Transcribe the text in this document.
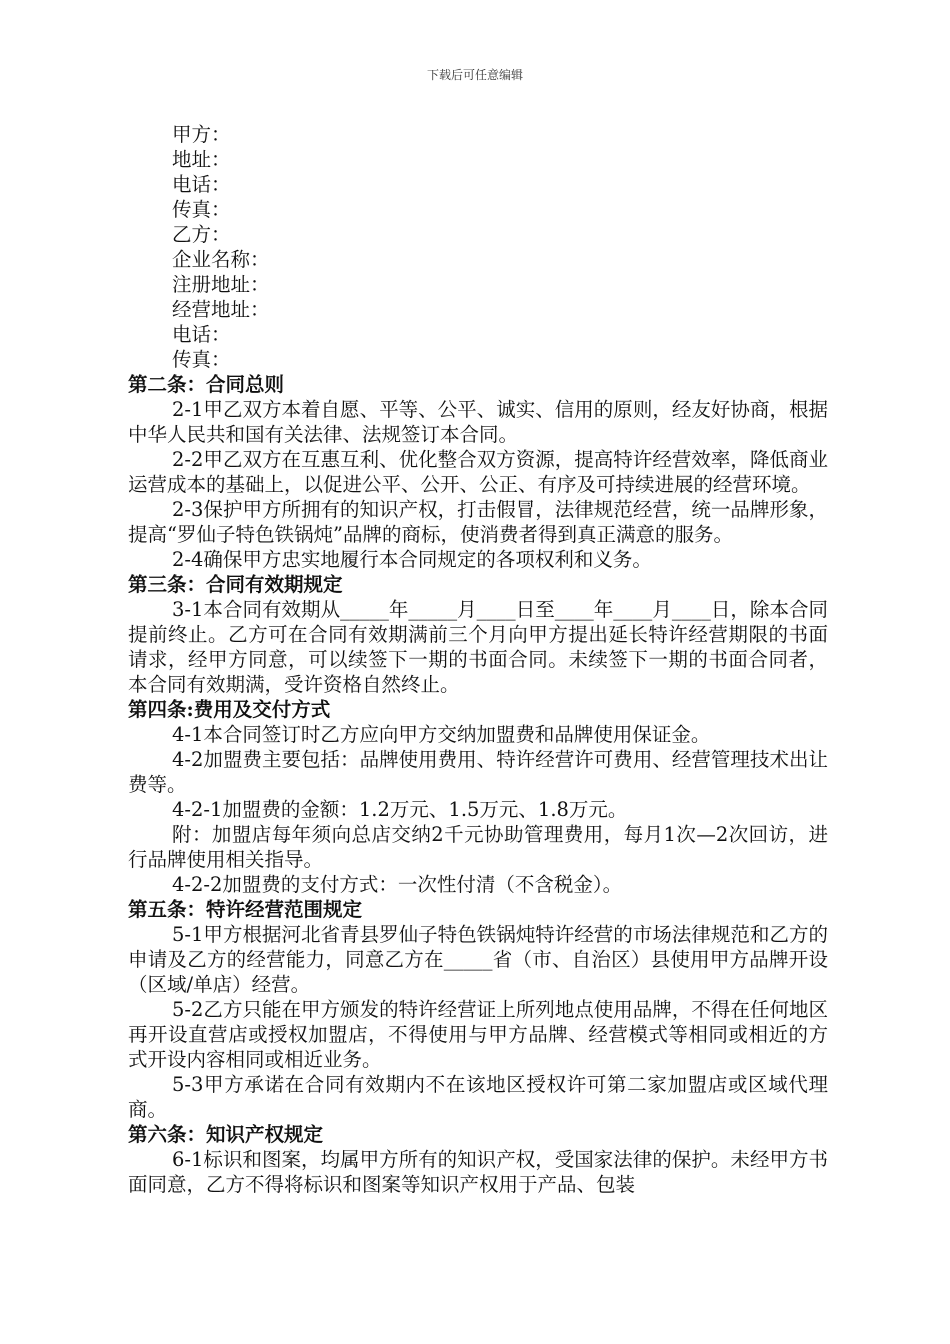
下载后可任意编辑
甲方：
地址：
电话：
传真：
乙方：
企业名称：
注册地址：
经营地址：
电话：
传真：
第二条：合同总则
2-1甲乙双方本着自愿、平等、公平、诚实、信用的原则，经友好协商，根据中华人民共和国有关法律、法规签订本合同。
2-2甲乙双方在互惠互利、优化整合双方资源，提高特许经营效率，降低商业运营成本的基础上，以促进公平、公开、公正、有序及可持续进展的经营环境。
2-3保护甲方所拥有的知识产权，打击假冒，法律规范经营，统一品牌形象，提高“罗仙子特色铁锅炖”品牌的商标，使消费者得到真正满意的服务。
2-4确保甲方忠实地履行本合同规定的各项权利和义务。
第三条：合同有效期规定
3-1本合同有效期从_____年_____月____日至____年____月____日，除本合同提前终止。乙方可在合同有效期满前三个月向甲方提出延长特许经营期限的书面请求，经甲方同意，可以续签下一期的书面合同。未续签下一期的书面合同者，本合同有效期满，受许资格自然终止。
第四条:费用及交付方式
4-1本合同签订时乙方应向甲方交纳加盟费和品牌使用保证金。
4-2加盟费主要包括：品牌使用费用、特许经营许可费用、经营管理技术出让费等。
4-2-1加盟费的金额：1.2万元、1.5万元、1.8万元。
附：加盟店每年须向总店交纳2千元协助管理费用，每月1次—2次回访，进行品牌使用相关指导。
4-2-2加盟费的支付方式：一次性付清（不含税金）。
第五条：特许经营范围规定
5-1甲方根据河北省青县罗仙子特色铁锅炖特许经营的市场法律规范和乙方的申请及乙方的经营能力，同意乙方在_____省（市、自治区）县使用甲方品牌开设（区域/单店）经营。
5-2乙方只能在甲方颁发的特许经营证上所列地点使用品牌，不得在任何地区再开设直营店或授权加盟店，不得使用与甲方品牌、经营模式等相同或相近的方式开设内容相同或相近业务。
5-3甲方承诺在合同有效期内不在该地区授权许可第二家加盟店或区域代理商。
第六条：知识产权规定
6-1标识和图案，均属甲方所有的知识产权，受国家法律的保护。未经甲方书面同意，乙方不得将标识和图案等知识产权用于产品、包装
